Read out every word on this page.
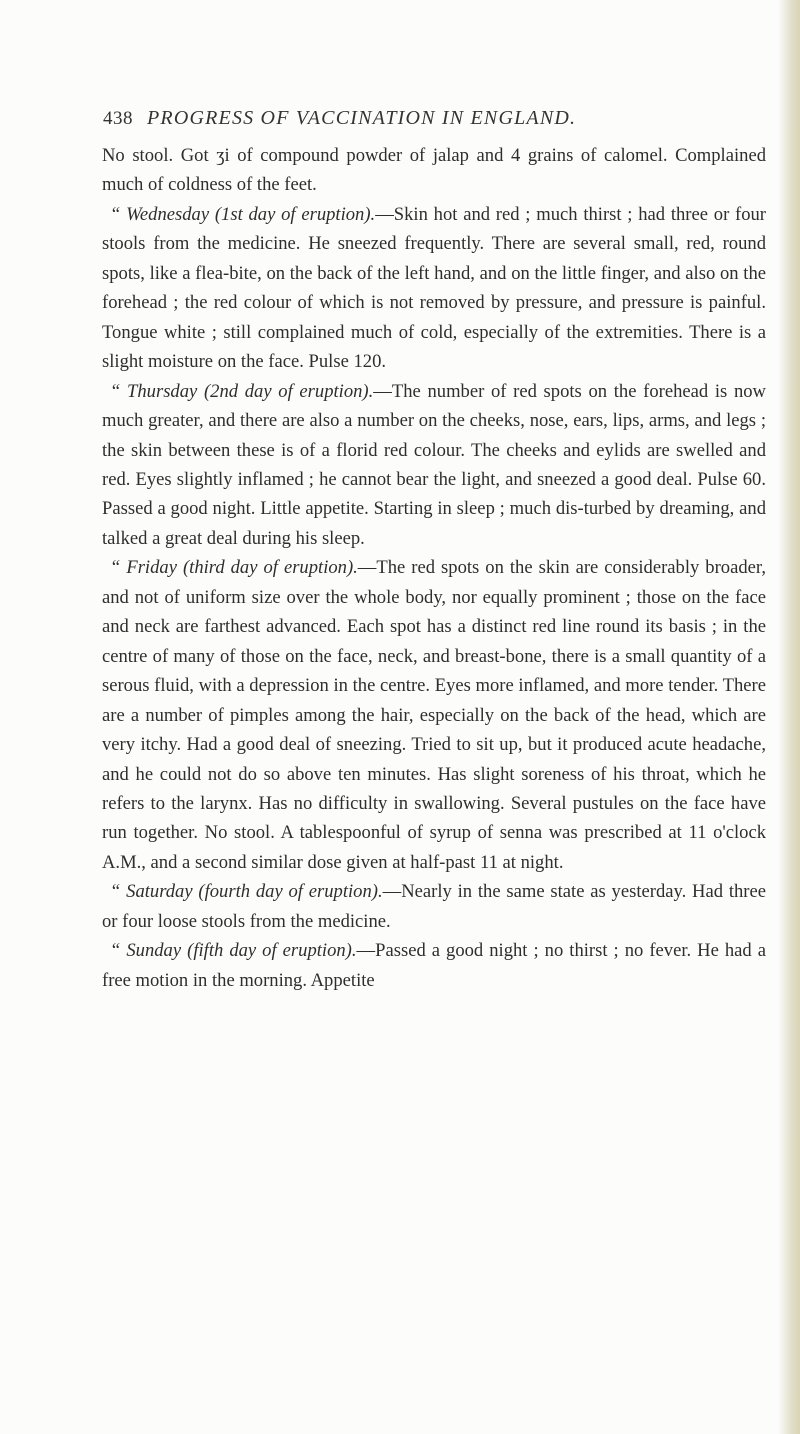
438 PROGRESS OF VACCINATION IN ENGLAND.

No stool. Got ʒi of compound powder of jalap and 4 grains of calomel. Complained much of coldness of the feet.

“ Wednesday (1st day of eruption).—Skin hot and red ; much thirst ; had three or four stools from the medicine. He sneezed frequently. There are several small, red, round spots, like a flea-bite, on the back of the left hand, and on the little finger, and also on the forehead ; the red colour of which is not removed by pressure, and pressure is painful. Tongue white ; still complained much of cold, especially of the extremities. There is a slight moisture on the face. Pulse 120.

“ Thursday (2nd day of eruption).—The number of red spots on the forehead is now much greater, and there are also a number on the cheeks, nose, ears, lips, arms, and legs ; the skin between these is of a florid red colour. The cheeks and eylids are swelled and red. Eyes slightly inflamed ; he cannot bear the light, and sneezed a good deal. Pulse 60. Passed a good night. Little appetite. Starting in sleep ; much dis-turbed by dreaming, and talked a great deal during his sleep.

“ Friday (third day of eruption).—The red spots on the skin are considerably broader, and not of uniform size over the whole body, nor equally prominent ; those on the face and neck are farthest advanced. Each spot has a distinct red line round its basis ; in the centre of many of those on the face, neck, and breast-bone, there is a small quantity of a serous fluid, with a depression in the centre. Eyes more inflamed, and more tender. There are a number of pimples among the hair, especially on the back of the head, which are very itchy. Had a good deal of sneezing. Tried to sit up, but it produced acute headache, and he could not do so above ten minutes. Has slight soreness of his throat, which he refers to the larynx. Has no difficulty in swallowing. Several pustules on the face have run together. No stool. A tablespoonful of syrup of senna was prescribed at 11 o'clock A.M., and a second similar dose given at half-past 11 at night.

“ Saturday (fourth day of eruption).—Nearly in the same state as yesterday. Had three or four loose stools from the medicine.

“ Sunday (fifth day of eruption).—Passed a good night ; no thirst ; no fever. He had a free motion in the morning. Appetite
